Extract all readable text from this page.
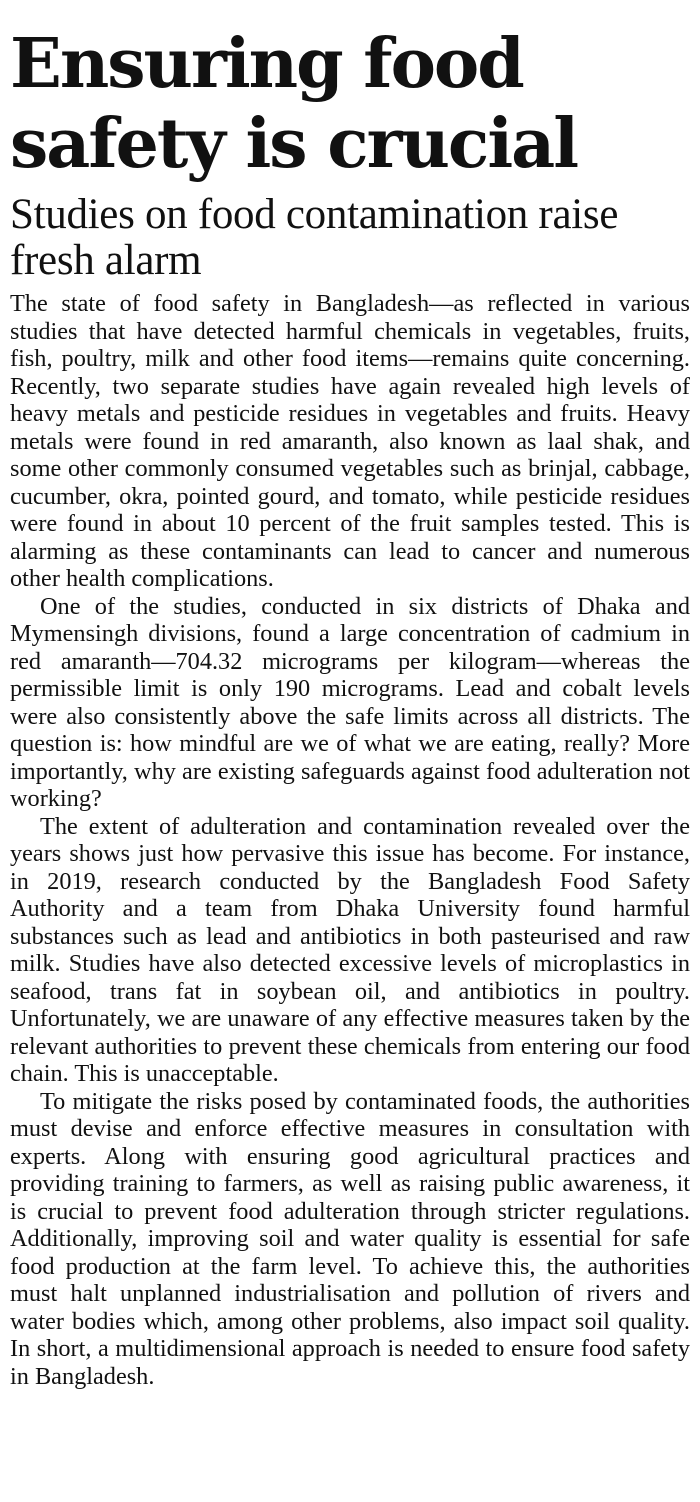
Ensuring food safety is crucial
Studies on food contamination raise fresh alarm

The state of food safety in Bangladesh—as reflected in various studies that have detected harmful chemicals in vegetables, fruits, fish, poultry, milk and other food items—remains quite concerning. Recently, two separate studies have again revealed high levels of heavy metals and pesticide residues in vegetables and fruits. Heavy metals were found in red amaranth, also known as laal shak, and some other commonly consumed vegetables such as brinjal, cabbage, cucumber, okra, pointed gourd, and tomato, while pesticide residues were found in about 10 percent of the fruit samples tested. This is alarming as these contaminants can lead to cancer and numerous other health complications.

One of the studies, conducted in six districts of Dhaka and Mymensingh divisions, found a large concentration of cadmium in red amaranth—704.32 micrograms per kilogram—whereas the permissible limit is only 190 micrograms. Lead and cobalt levels were also consistently above the safe limits across all districts. The question is: how mindful are we of what we are eating, really? More importantly, why are existing safeguards against food adulteration not working?

The extent of adulteration and contamination revealed over the years shows just how pervasive this issue has become. For instance, in 2019, research conducted by the Bangladesh Food Safety Authority and a team from Dhaka University found harmful substances such as lead and antibiotics in both pasteurised and raw milk. Studies have also detected excessive levels of microplastics in seafood, trans fat in soybean oil, and antibiotics in poultry. Unfortunately, we are unaware of any effective measures taken by the relevant authorities to prevent these chemicals from entering our food chain. This is unacceptable.

To mitigate the risks posed by contaminated foods, the authorities must devise and enforce effective measures in consultation with experts. Along with ensuring good agricultural practices and providing training to farmers, as well as raising public awareness, it is crucial to prevent food adulteration through stricter regulations. Additionally, improving soil and water quality is essential for safe food production at the farm level. To achieve this, the authorities must halt unplanned industrialisation and pollution of rivers and water bodies which, among other problems, also impact soil quality. In short, a multidimensional approach is needed to ensure food safety in Bangladesh.
